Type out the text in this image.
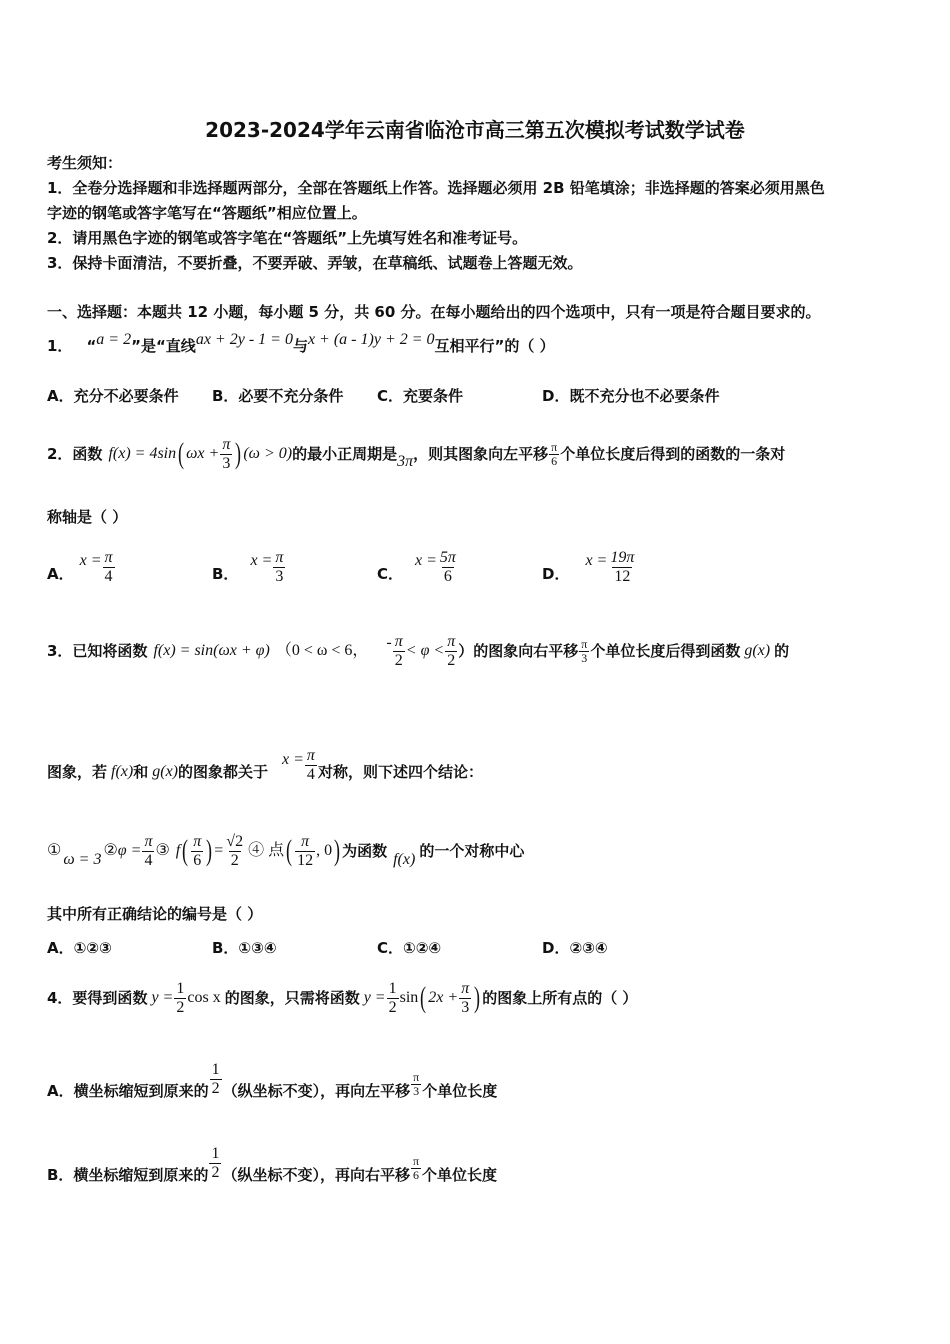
2023-2024学年云南省临沧市高三第五次模拟考试数学试卷
考生须知：
1．全卷分选择题和非选择题两部分，全部在答题纸上作答。选择题必须用 2B 铅笔填涂；非选择题的答案必须用黑色
字迹的钢笔或答字笔写在“答题纸”相应位置上。
2．请用黑色字迹的钢笔或答字笔在“答题纸”上先填写姓名和准考证号。
3．保持卡面清洁，不要折叠，不要弄破、弄皱，在草稿纸、试题卷上答题无效。
一、选择题：本题共 12 小题，每小题 5 分，共 60 分。在每小题给出的四个选项中，只有一项是符合题目要求的。
1． “ a = 2 ”是“直线 ax + 2y - 1 = 0 与 x + (a - 1)y + 2 = 0 互相平行”的（ ）
A．充分不必要条件 B．必要不充分条件 C．充要条件	D．既不充分也不必要条件
2．函数 f(x) = 4sin ( $\omega x + \frac{\pi}{3}$ ) (ω > 0) 的最小正周期是 3π ，则其图象向左平移 $\frac{\pi}{6}$ 个单位长度后得到的函数的一条对
称轴是（ ）
A．
$x = \frac{\pi}{4}$	B．
$x = \frac{\pi}{3}$	C．
$x = \frac{5\pi}{6}$	D．
$x = \frac{19\pi}{12}$
3．已知将函数 f(x) = sin(ωx + φ) （0 < ω < 6， - $\frac{\pi}{2} < \varphi < \frac{\pi}{2}$ ）的图象向右平移 $\frac{\pi}{3}$ 个单位长度后得到函数 g(x) 的
图象，若 f(x) 和 g(x) 的图象都关于
$x = \frac{\pi}{4}$ 对称，则下述四个结论：
①
ω = 3
② $\varphi = \frac{\pi}{4}$ ③ f ( $\frac{\pi}{6}$ ) = $\frac{√2}{2}$ ④ 点 ( $\frac{\pi}{12}$ , 0 ) 为函数 f(x) 的一个对称中心
其中所有正确结论的编号是（ ）
A．①②③	B．①③④	C．①②④	D．②③④
4．要得到函数 $y = \frac{1}{2}$ cos x 的图象，只需将函数 $y = \frac{1}{2}$ sin ( $2x + \frac{\pi}{3}$ ) 的图象上所有点的（ ）
A．横坐标缩短到原来的 $\frac{1}{2}$ （纵坐标不变），再向左平移 $\frac{\pi}{3}$ 个单位长度
B．横坐标缩短到原来的 $\frac{1}{2}$ （纵坐标不变），再向右平移 $\frac{\pi}{6}$ 个单位长度
